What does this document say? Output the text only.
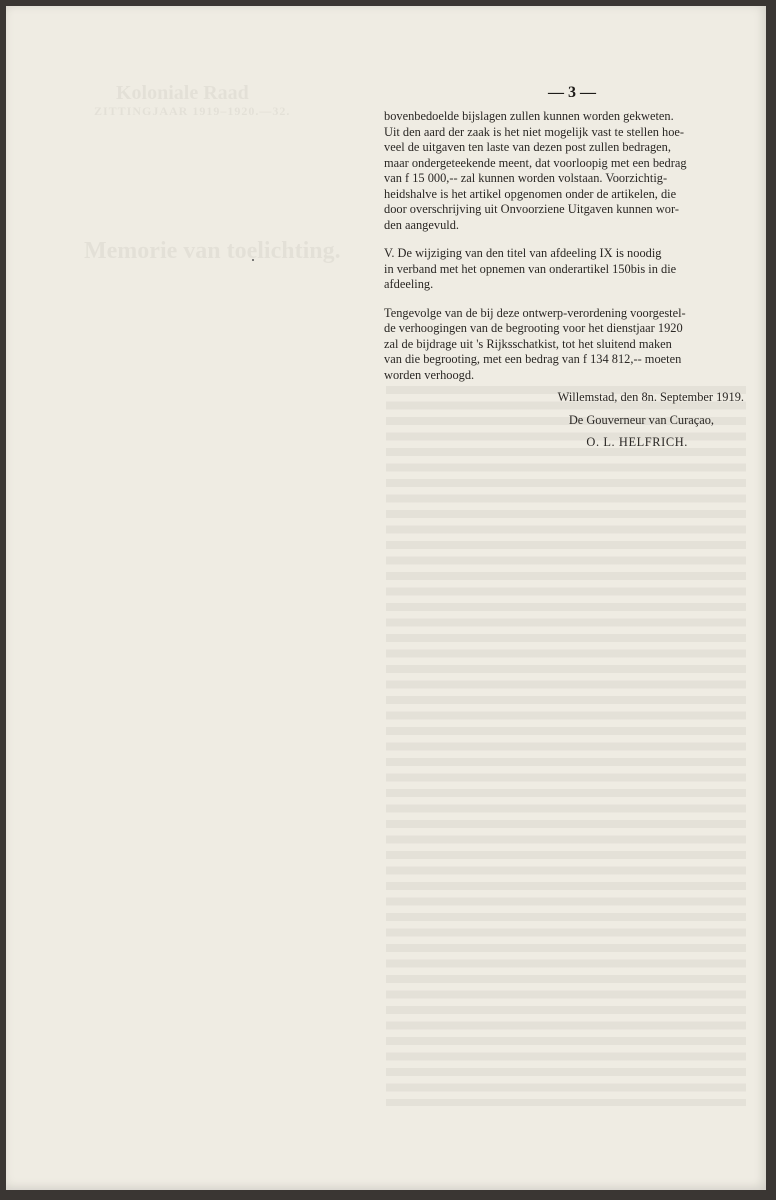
Koloniale Raad
ZITTINGJAAR 1919–1920.—32.
Memorie van toelichting.
— 3 —

bovenbedoelde bijslagen zullen kunnen worden gekweten.
Uit den aard der zaak is het niet mogelijk vast te stellen hoe-
veel de uitgaven ten laste van dezen post zullen bedragen,
maar ondergeteekende meent, dat voorloopig met een bedrag
van f 15 000,-- zal kunnen worden volstaan. Voorzichtig-
heidshalve is het artikel opgenomen onder de artikelen, die
door overschrijving uit Onvoorziene Uitgaven kunnen wor-
den aangevuld.

V. De wijziging van den titel van afdeeling IX is noodig
in verband met het opnemen van onderartikel 150bis in die
afdeeling.

Tengevolge van de bij deze ontwerp-verordening voorgestel-
de verhoogingen van de begrooting voor het dienstjaar 1920
zal de bijdrage uit 's Rijksschatkist, tot het sluitend maken
van die begrooting, met een bedrag van f 134 812,-- moeten
worden verhoogd.

Willemstad, den 8n. September 1919.
De Gouverneur van Curaçao,
O. L. HELFRICH.
